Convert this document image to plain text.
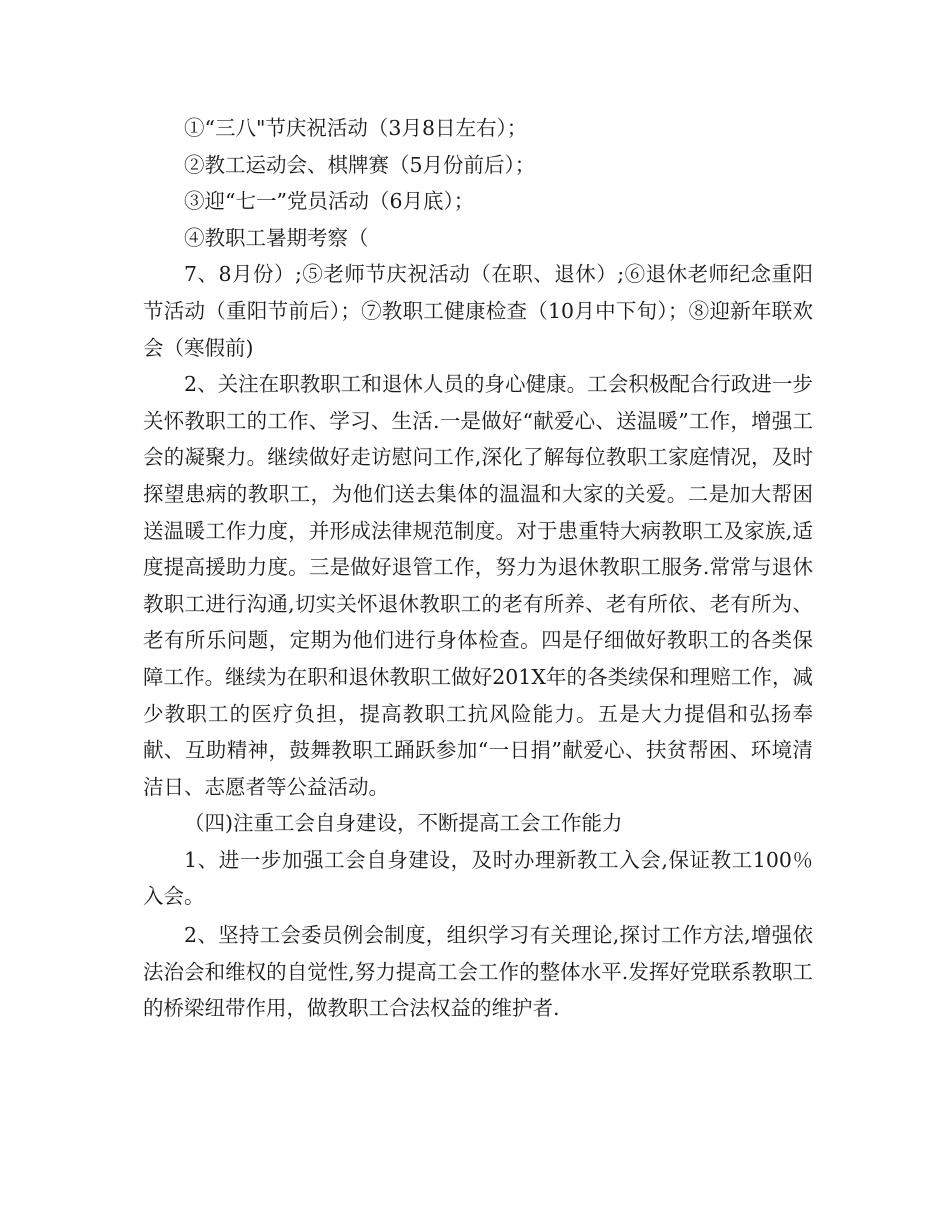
①“三八"节庆祝活动（3月8日左右）；

②教工运动会、棋牌赛（5月份前后）；

③迎“七一”党员活动（6月底）；

④教职工暑期考察（

7、8月份）;⑤老师节庆祝活动（在职、退休）;⑥退休老师纪念重阳节活动（重阳节前后）；⑦教职工健康检查（10月中下旬）；⑧迎新年联欢会（寒假前)

2、关注在职教职工和退休人员的身心健康。工会积极配合行政进一步关怀教职工的工作、学习、生活.一是做好“献爱心、送温暖”工作，增强工会的凝聚力。继续做好走访慰问工作,深化了解每位教职工家庭情况，及时探望患病的教职工，为他们送去集体的温温和大家的关爱。二是加大帮困送温暖工作力度，并形成法律规范制度。对于患重特大病教职工及家族,适度提高援助力度。三是做好退管工作，努力为退休教职工服务.常常与退休教职工进行沟通,切实关怀退休教职工的老有所养、老有所依、老有所为、老有所乐问题，定期为他们进行身体检查。四是仔细做好教职工的各类保障工作。继续为在职和退休教职工做好201X年的各类续保和理赔工作，减少教职工的医疗负担，提高教职工抗风险能力。五是大力提倡和弘扬奉献、互助精神，鼓舞教职工踊跃参加“一日捐”献爱心、扶贫帮困、环境清洁日、志愿者等公益活动。

（四)注重工会自身建设，不断提高工会工作能力

1、进一步加强工会自身建设，及时办理新教工入会,保证教工100％入会。

2、坚持工会委员例会制度，组织学习有关理论,探讨工作方法,增强依法治会和维权的自觉性,努力提高工会工作的整体水平.发挥好党联系教职工的桥梁纽带作用，做教职工合法权益的维护者.
